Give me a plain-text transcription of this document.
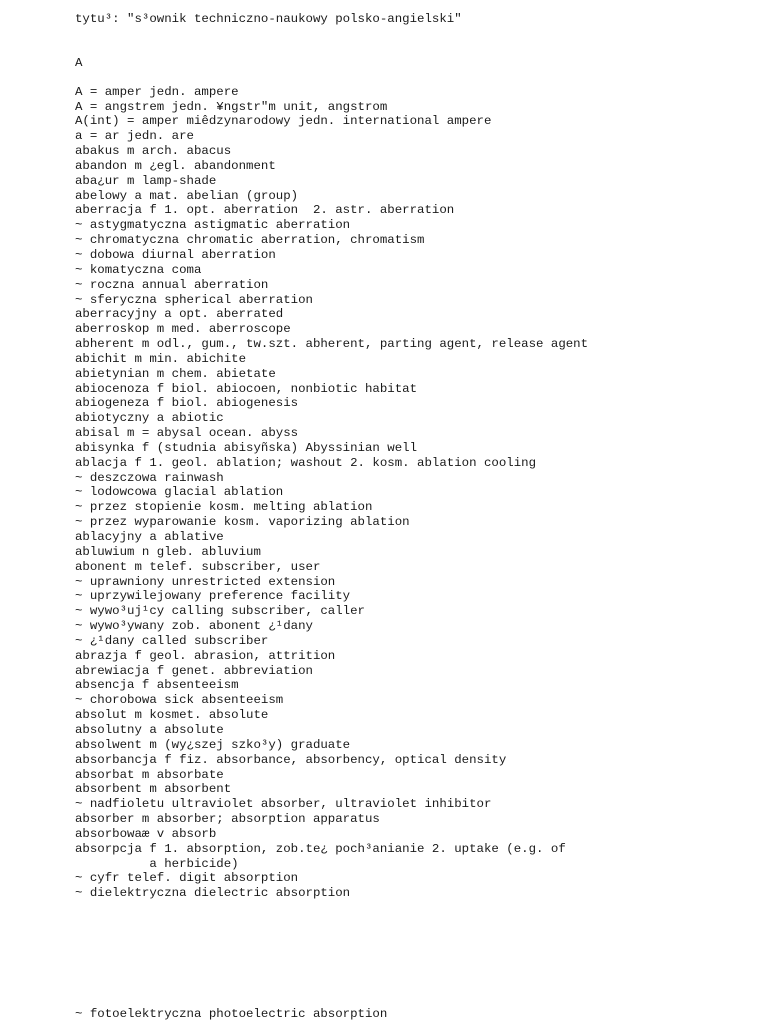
tytu³: "s³ownik techniczno-naukowy polsko-angielski"
A
A = amper jedn. ampere
A = angstrem jedn. ¥ngstr"m unit, angstrom
A(int) = amper miêdzynarodowy jedn. international ampere
a = ar jedn. are
abakus m arch. abacus
abandon m ¿egl. abandonment
aba¿ur m lamp-shade
abelowy a mat. abelian (group)
aberracja f 1. opt. aberration  2. astr. aberration
~ astygmatyczna astigmatic aberration
~ chromatyczna chromatic aberration, chromatism
~ dobowa diurnal aberration
~ komatyczna coma
~ roczna annual aberration
~ sferyczna spherical aberration
aberracyjny a opt. aberrated
aberroskop m med. aberroscope
abherent m odl., gum., tw.szt. abherent, parting agent, release agent
abichit m min. abichite
abietynian m chem. abietate
abiocenoza f biol. abiocoen, nonbiotic habitat
abiogeneza f biol. abiogenesis
abiotyczny a abiotic
abisal m = abysal ocean. abyss
abisynka f (studnia abisyñska) Abyssinian well
ablacja f 1. geol. ablation; washout 2. kosm. ablation cooling
~ deszczowa rainwash
~ lodowcowa glacial ablation
~ przez stopienie kosm. melting ablation
~ przez wyparowanie kosm. vaporizing ablation
ablacyjny a ablative
abluwium n gleb. abluvium
abonent m telef. subscriber, user
~ uprawniony unrestricted extension
~ uprzywilejowany preference facility
~ wywo³uj¹cy calling subscriber, caller
~ wywo³ywany zob. abonent ¿¹dany
~ ¿¹dany called subscriber
abrazja f geol. abrasion, attrition
abrewiacja f genet. abbreviation
absencja f absenteeism
~ chorobowa sick absenteeism
absolut m kosmet. absolute
absolutny a absolute
absolwent m (wy¿szej szko³y) graduate
absorbancja f fiz. absorbance, absorbency, optical density
absorbat m absorbate
absorbent m absorbent
~ nadfioletu ultraviolet absorber, ultraviolet inhibitor
absorber m absorber; absorption apparatus
absorbowaæ v absorb
absorpcja f 1. absorption, zob.te¿ poch³anianie 2. uptake (e.g. of
a herbicide)
~ cyfr telef. digit absorption
~ dielektryczna dielectric absorption
~ fotoelektryczna photoelectric absorption
